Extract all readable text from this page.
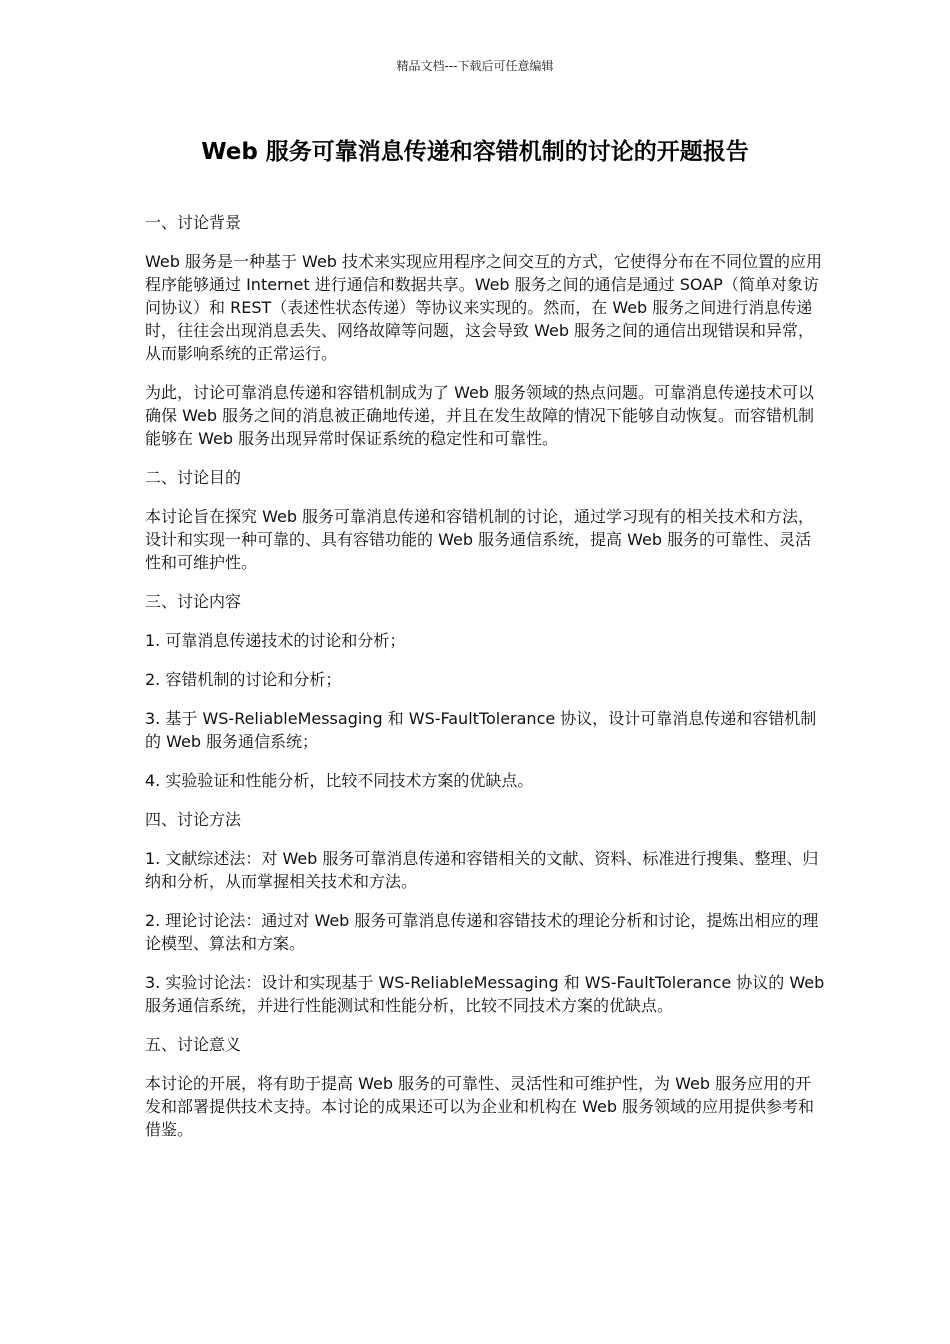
精品文档---下载后可任意编辑
Web 服务可靠消息传递和容错机制的讨论的开题报告

一、讨论背景

Web 服务是一种基于 Web 技术来实现应用程序之间交互的方式，它使得分布在不同位置的应用程序能够通过 Internet 进行通信和数据共享。Web 服务之间的通信是通过 SOAP（简单对象访问协议）和 REST（表述性状态传递）等协议来实现的。然而，在 Web 服务之间进行消息传递时，往往会出现消息丢失、网络故障等问题，这会导致 Web 服务之间的通信出现错误和异常，从而影响系统的正常运行。

为此，讨论可靠消息传递和容错机制成为了 Web 服务领域的热点问题。可靠消息传递技术可以确保 Web 服务之间的消息被正确地传递，并且在发生故障的情况下能够自动恢复。而容错机制能够在 Web 服务出现异常时保证系统的稳定性和可靠性。

二、讨论目的

本讨论旨在探究 Web 服务可靠消息传递和容错机制的讨论，通过学习现有的相关技术和方法，设计和实现一种可靠的、具有容错功能的 Web 服务通信系统，提高 Web 服务的可靠性、灵活性和可维护性。

三、讨论内容

1. 可靠消息传递技术的讨论和分析；

2. 容错机制的讨论和分析；

3. 基于 WS-ReliableMessaging 和 WS-FaultTolerance 协议，设计可靠消息传递和容错机制的 Web 服务通信系统；

4. 实验验证和性能分析，比较不同技术方案的优缺点。

四、讨论方法

1. 文献综述法：对 Web 服务可靠消息传递和容错相关的文献、资料、标准进行搜集、整理、归纳和分析，从而掌握相关技术和方法。

2. 理论讨论法：通过对 Web 服务可靠消息传递和容错技术的理论分析和讨论，提炼出相应的理论模型、算法和方案。

3. 实验讨论法：设计和实现基于 WS-ReliableMessaging 和 WS-FaultTolerance 协议的 Web 服务通信系统，并进行性能测试和性能分析，比较不同技术方案的优缺点。

五、讨论意义

本讨论的开展，将有助于提高 Web 服务的可靠性、灵活性和可维护性，为 Web 服务应用的开发和部署提供技术支持。本讨论的成果还可以为企业和机构在 Web 服务领域的应用提供参考和借鉴。
